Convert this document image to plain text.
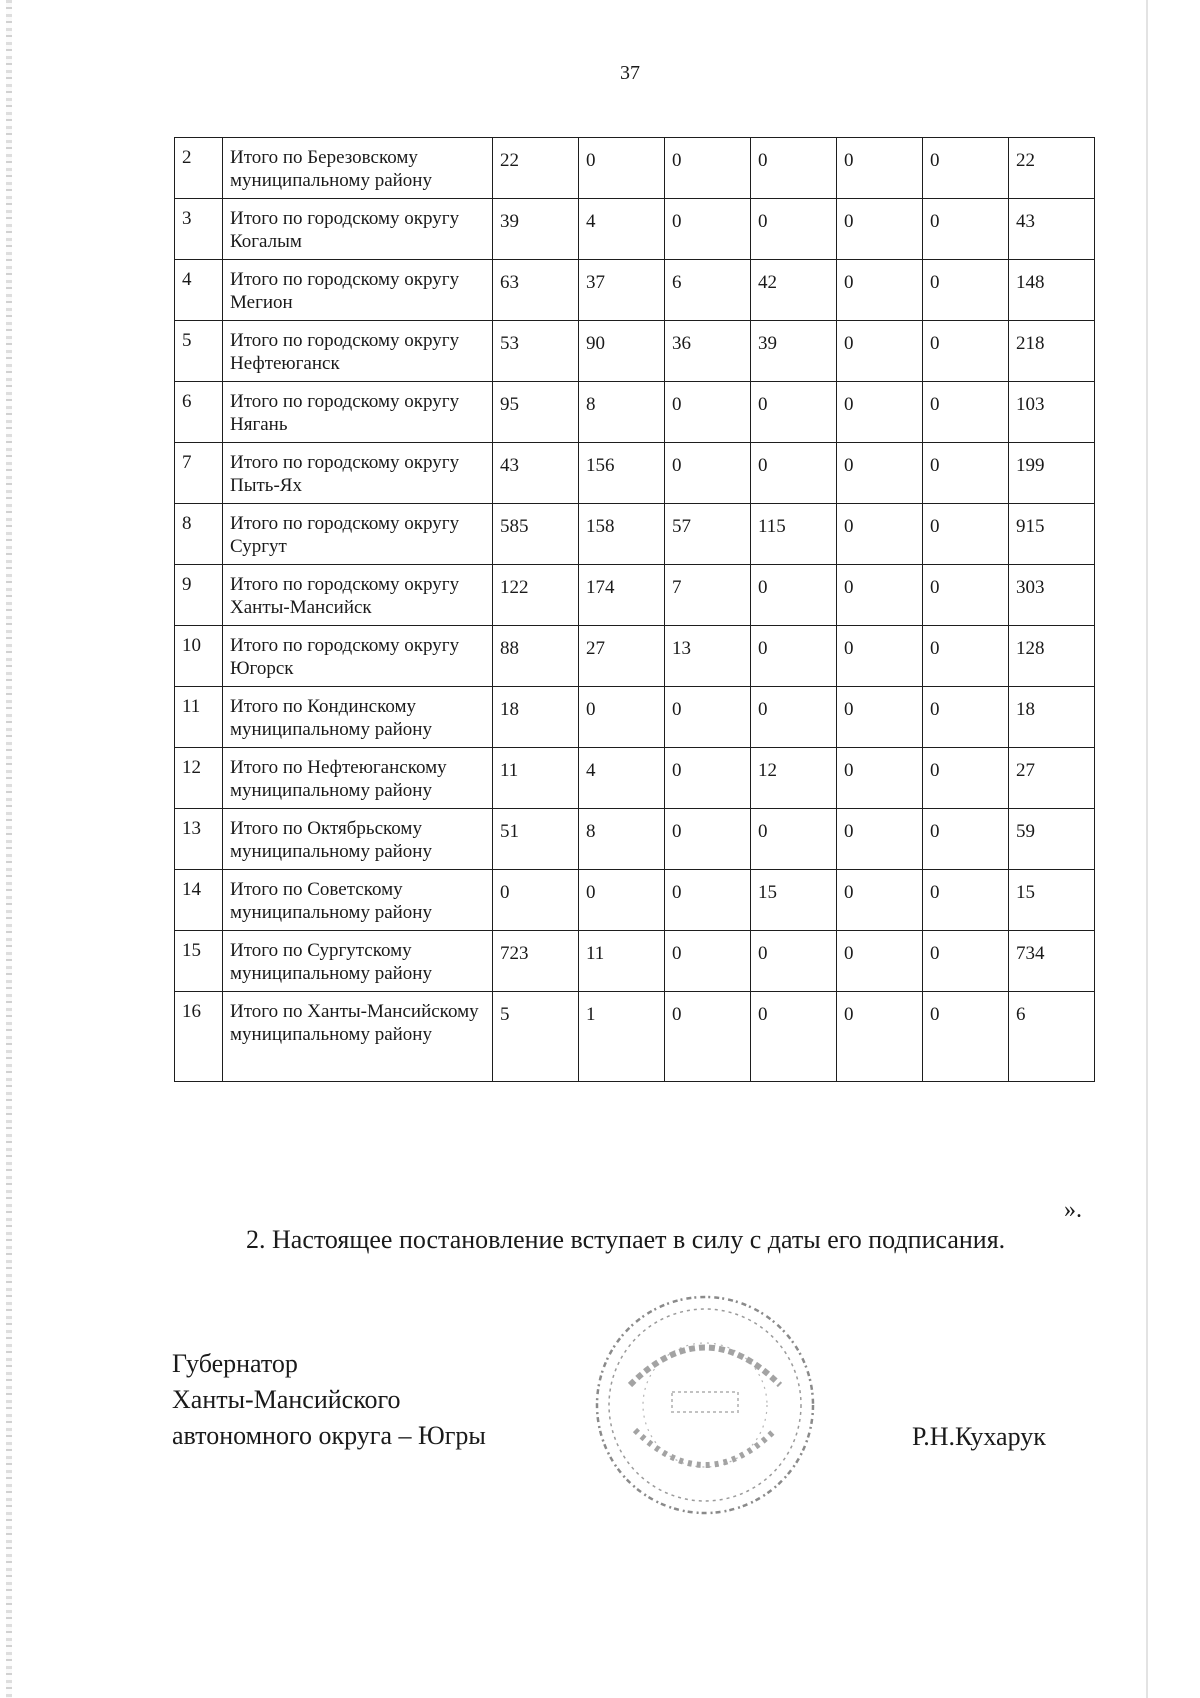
37
2	Итого по Березовскому муниципальному району	22	0	0	0	0	0	22
3	Итого по городскому округу Когалым	39	4	0	0	0	0	43
4	Итого по городскому округу Мегион	63	37	6	42	0	0	148
5	Итого по городскому округу Нефтеюганск	53	90	36	39	0	0	218
6	Итого по городскому округу Нягань	95	8	0	0	0	0	103
7	Итого по городскому округу Пыть-Ях	43	156	0	0	0	0	199
8	Итого по городскому округу Сургут	585	158	57	115	0	0	915
9	Итого по городскому округу Ханты-Мансийск	122	174	7	0	0	0	303
10	Итого по городскому округу Югорск	88	27	13	0	0	0	128
11	Итого по Кондинскому муниципальному району	18	0	0	0	0	0	18
12	Итого по Нефтеюганскому муниципальному району	11	4	0	12	0	0	27
13	Итого по Октябрьскому муниципальному району	51	8	0	0	0	0	59
14	Итого по Советскому муниципальному району	0	0	0	15	0	0	15
15	Итого по Сургутскому муниципальному району	723	11	0	0	0	0	734
16	Итого по Ханты-Мансийскому муниципальному району	5	1	0	0	0	0	6
».
2. Настоящее постановление вступает в силу с даты его подписания.
Губернатор
Ханты-Мансийского
автономного округа – Югры	Р.Н.Кухарук
